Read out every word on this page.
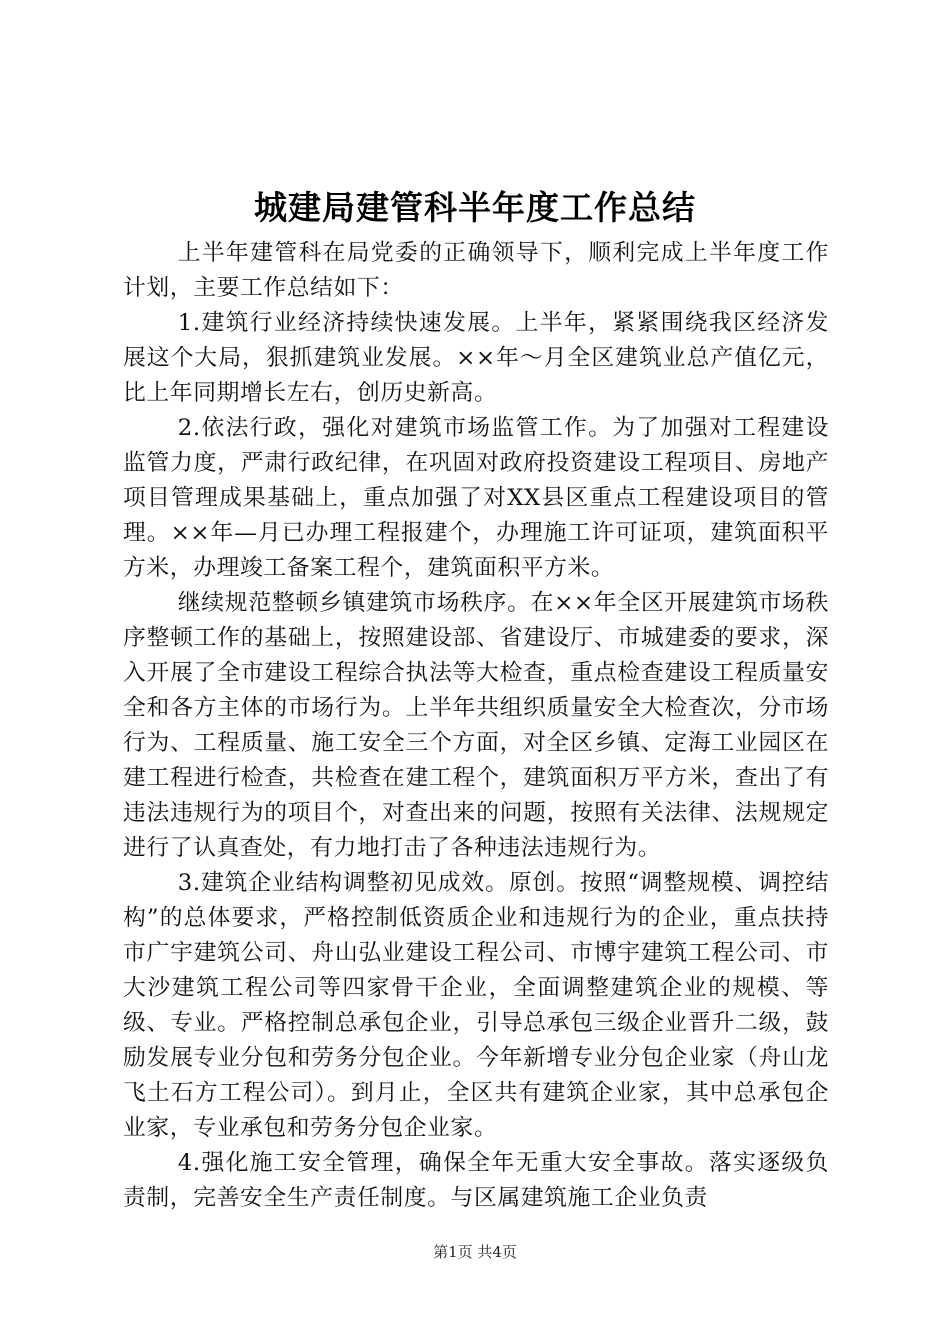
城建局建管科半年度工作总结

上半年建管科在局党委的正确领导下，顺利完成上半年度工作计划，主要工作总结如下：

1.建筑行业经济持续快速发展。上半年，紧紧围绕我区经济发展这个大局，狠抓建筑业发展。××年～月全区建筑业总产值亿元，比上年同期增长左右，创历史新高。

2.依法行政，强化对建筑市场监管工作。为了加强对工程建设监管力度，严肃行政纪律，在巩固对政府投资建设工程项目、房地产项目管理成果基础上，重点加强了对XX县区重点工程建设项目的管理。××年—月已办理工程报建个，办理施工许可证项，建筑面积平方米，办理竣工备案工程个，建筑面积平方米。

继续规范整顿乡镇建筑市场秩序。在××年全区开展建筑市场秩序整顿工作的基础上，按照建设部、省建设厅、市城建委的要求，深入开展了全市建设工程综合执法等大检查，重点检查建设工程质量安全和各方主体的市场行为。上半年共组织质量安全大检查次，分市场行为、工程质量、施工安全三个方面，对全区乡镇、定海工业园区在建工程进行检查，共检查在建工程个，建筑面积万平方米，查出了有违法违规行为的项目个，对查出来的问题，按照有关法律、法规规定进行了认真查处，有力地打击了各种违法违规行为。

3.建筑企业结构调整初见成效。原创。按照“调整规模、调控结构”的总体要求，严格控制低资质企业和违规行为的企业，重点扶持市广宇建筑公司、舟山弘业建设工程公司、市博宇建筑工程公司、市大沙建筑工程公司等四家骨干企业，全面调整建筑企业的规模、等级、专业。严格控制总承包企业，引导总承包三级企业晋升二级，鼓励发展专业分包和劳务分包企业。今年新增专业分包企业家（舟山龙飞土石方工程公司）。到月止，全区共有建筑企业家，其中总承包企业家，专业承包和劳务分包企业家。

4.强化施工安全管理，确保全年无重大安全事故。落实逐级负责制，完善安全生产责任制度。与区属建筑施工企业负责

第1页 共4页
